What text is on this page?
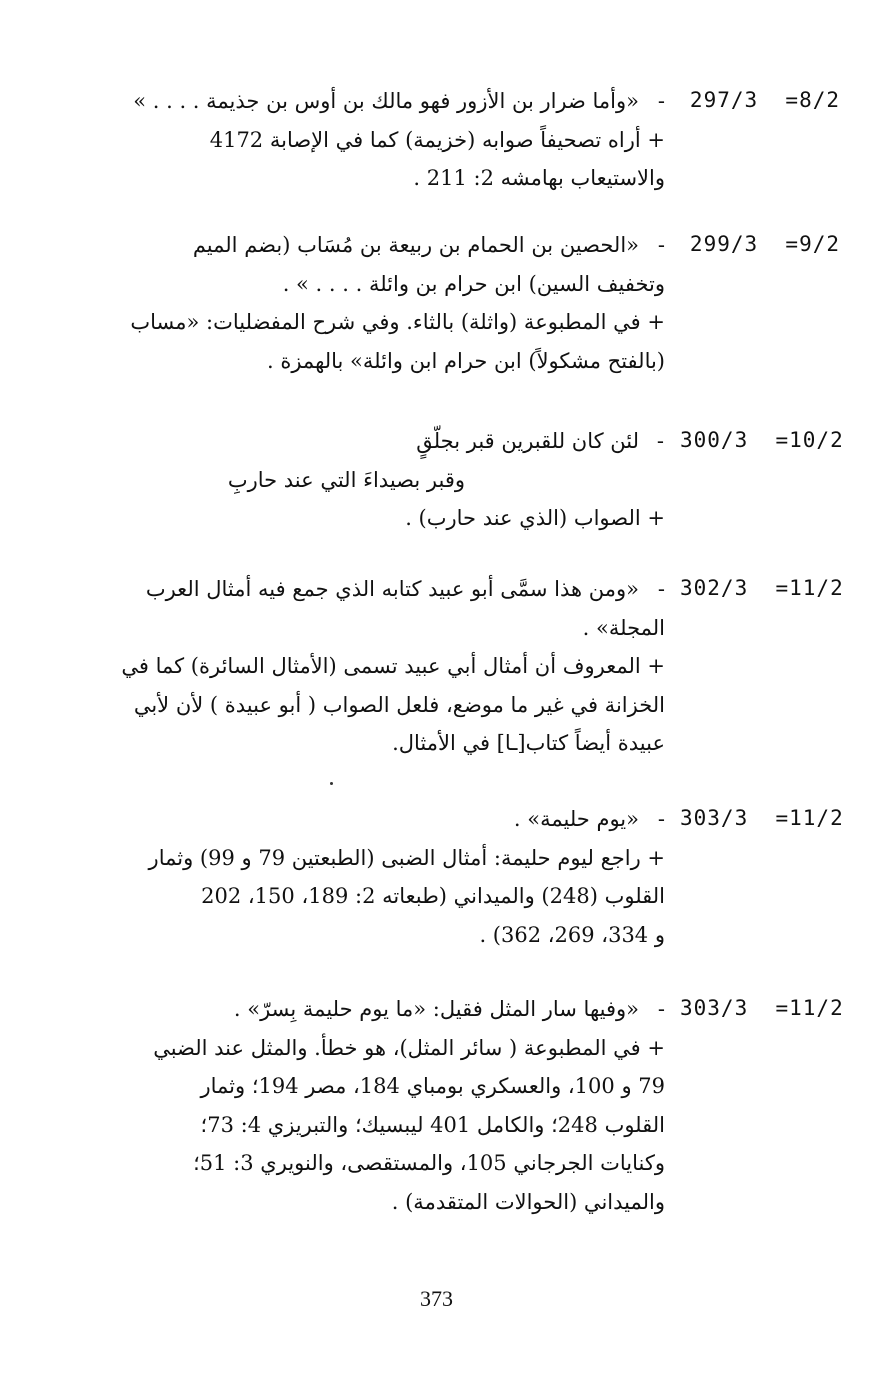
297/3  =8/2
-«وأما ضرار بن الأزور فهو مالك بن أوس بن جذيمة . . . . »
+ أراه تصحيفاً صوابه (خزيمة) كما في الإصابة 4172
والاستيعاب بهامشه 2: 211 .
299/3  =9/2
-«الحصين بن الحمام بن ربيعة بن مُسَاب (بضم الميم
وتخفيف السين) ابن حرام بن وائلة . . . . » .
+ في المطبوعة (واثلة) بالثاء. وفي شرح المفضليات: «مساب
(بالفتح مشكولاً) ابن حرام ابن وائلة» بالهمزة .
300/3  =10/2
-لئن كان للقبرين قبر بجلّقٍ
وقبر بصيداءَ التي عند حاربِ
+ الصواب (الذي عند حارب) .
302/3  =11/2
-«ومن هذا سمَّى أبو عبيد كتابه الذي جمع فيه أمثال العرب
المجلة» .
+ المعروف أن أمثال أبي عبيد تسمى (الأمثال السائرة) كما في
الخزانة في غير ما موضع، فلعل الصواب ( أبو عبيدة ) لأن لأبي
عبيدة أيضاً كتاب[ـا] في الأمثال.
303/3  =11/2
-«يوم حليمة» .
+ راجع ليوم حليمة: أمثال الضبى (الطبعتين 79 و 99) وثمار
القلوب (248) والميداني (طبعاته 2: 189، 150، 202
و 334، 269، 362) .
303/3  =11/2
-«وفيها سار المثل فقيل: «ما يوم حليمة بِسرّ» .
+ في المطبوعة ( سائر المثل)، هو خطأ. والمثل عند الضبي
79 و 100، والعسكري بومباي 184، مصر 194؛ وثمار
القلوب 248؛ والكامل 401 ليبسيك؛ والتبريزي 4: 73؛
وكنايات الجرجاني 105، والمستقصى، والنويري 3: 51؛
والميداني (الحوالات المتقدمة) .
373
